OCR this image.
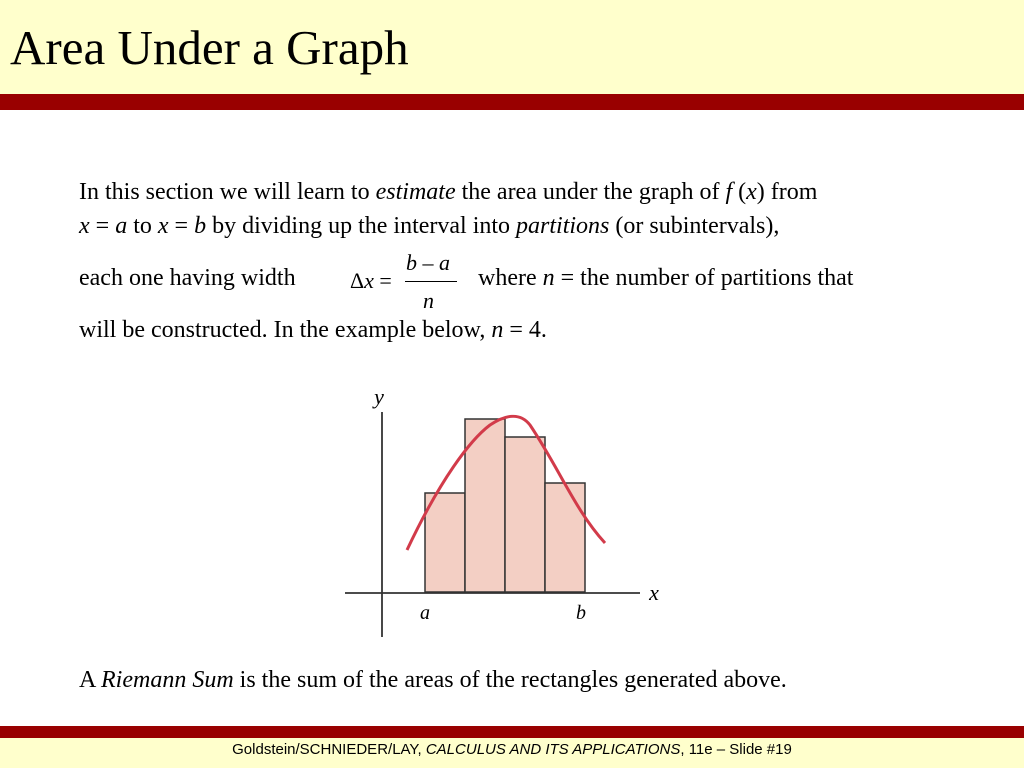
Area Under a Graph
In this section we will learn to estimate the area under the graph of f (x) from
x = a to x = b by dividing up the interval into partitions (or subintervals),
each one having width	Δx =
b – a
n
where n = the number of partitions that
will be constructed. In the example below, n = 4.
y
x
a	b
A Riemann Sum is the sum of the areas of the rectangles generated above.
Goldstein/SCHNIEDER/LAY, CALCULUS AND ITS APPLICATIONS, 11e – Slide #19
